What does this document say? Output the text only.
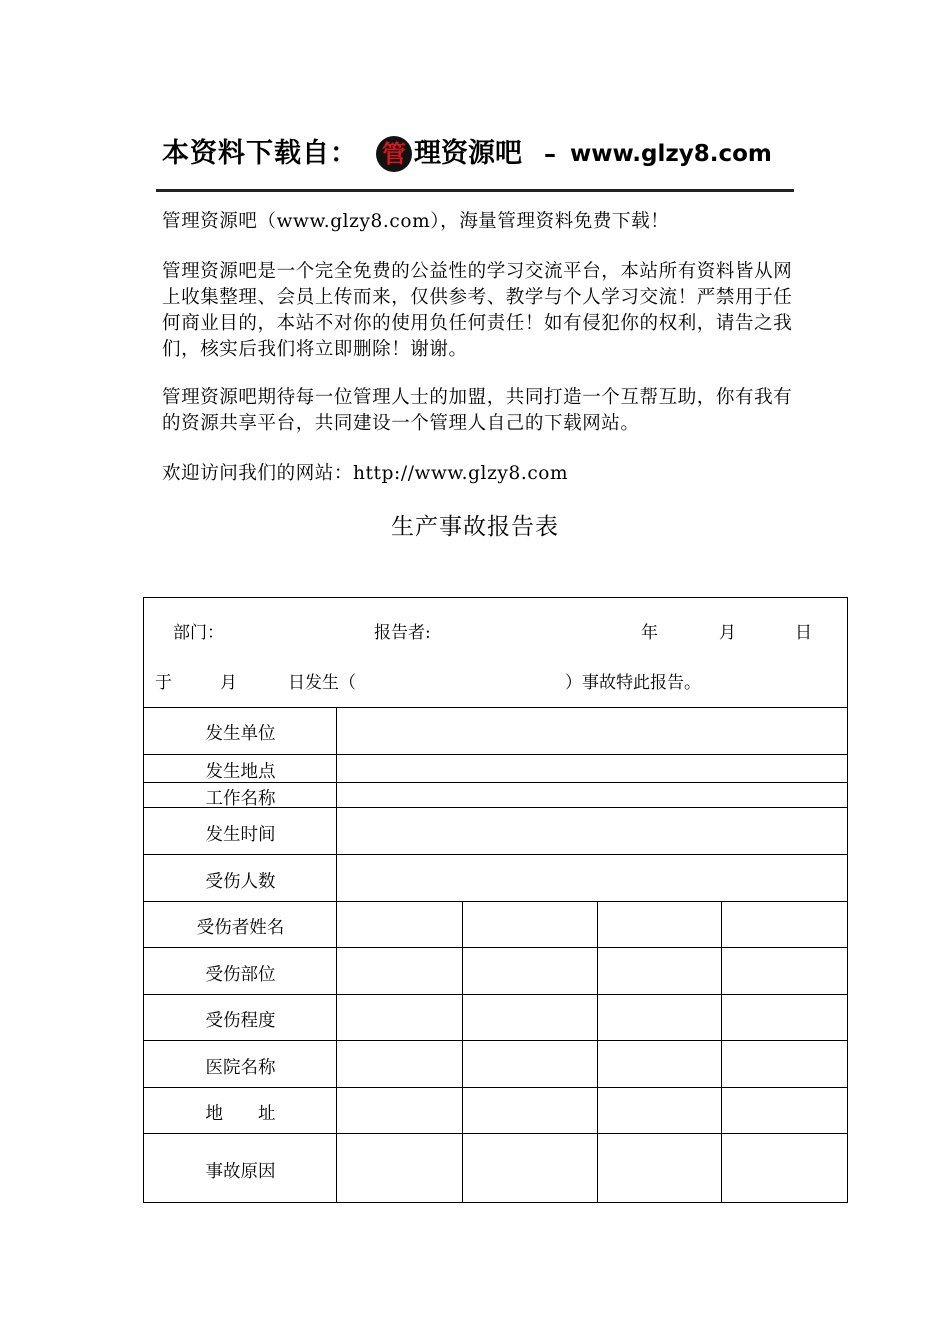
本资料下载自： 管 理资源吧 – www.glzy8.com
管理资源吧（www.glzy8.com），海量管理资料免费下载！
管理资源吧是一个完全免费的公益性的学习交流平台，本站所有资料皆从网上收集整理、会员上传而来，仅供参考、教学与个人学习交流！严禁用于任何商业目的，本站不对你的使用负任何责任！如有侵犯你的权利，请告之我们，核实后我们将立即删除！谢谢。
管理资源吧期待每一位管理人士的加盟，共同打造一个互帮互助，你有我有的资源共享平台，共同建设一个管理人自己的下载网站。
欢迎访问我们的网站：http://www.glzy8.com
生产事故报告表
部门：	报告者:	年	月	日
于	月	日发生（	）事故特此报告。
发生单位
发生地点
工作名称
发生时间
受伤人数
受伤者姓名
受伤部位
受伤程度
医院名称
地　　址
事故原因
